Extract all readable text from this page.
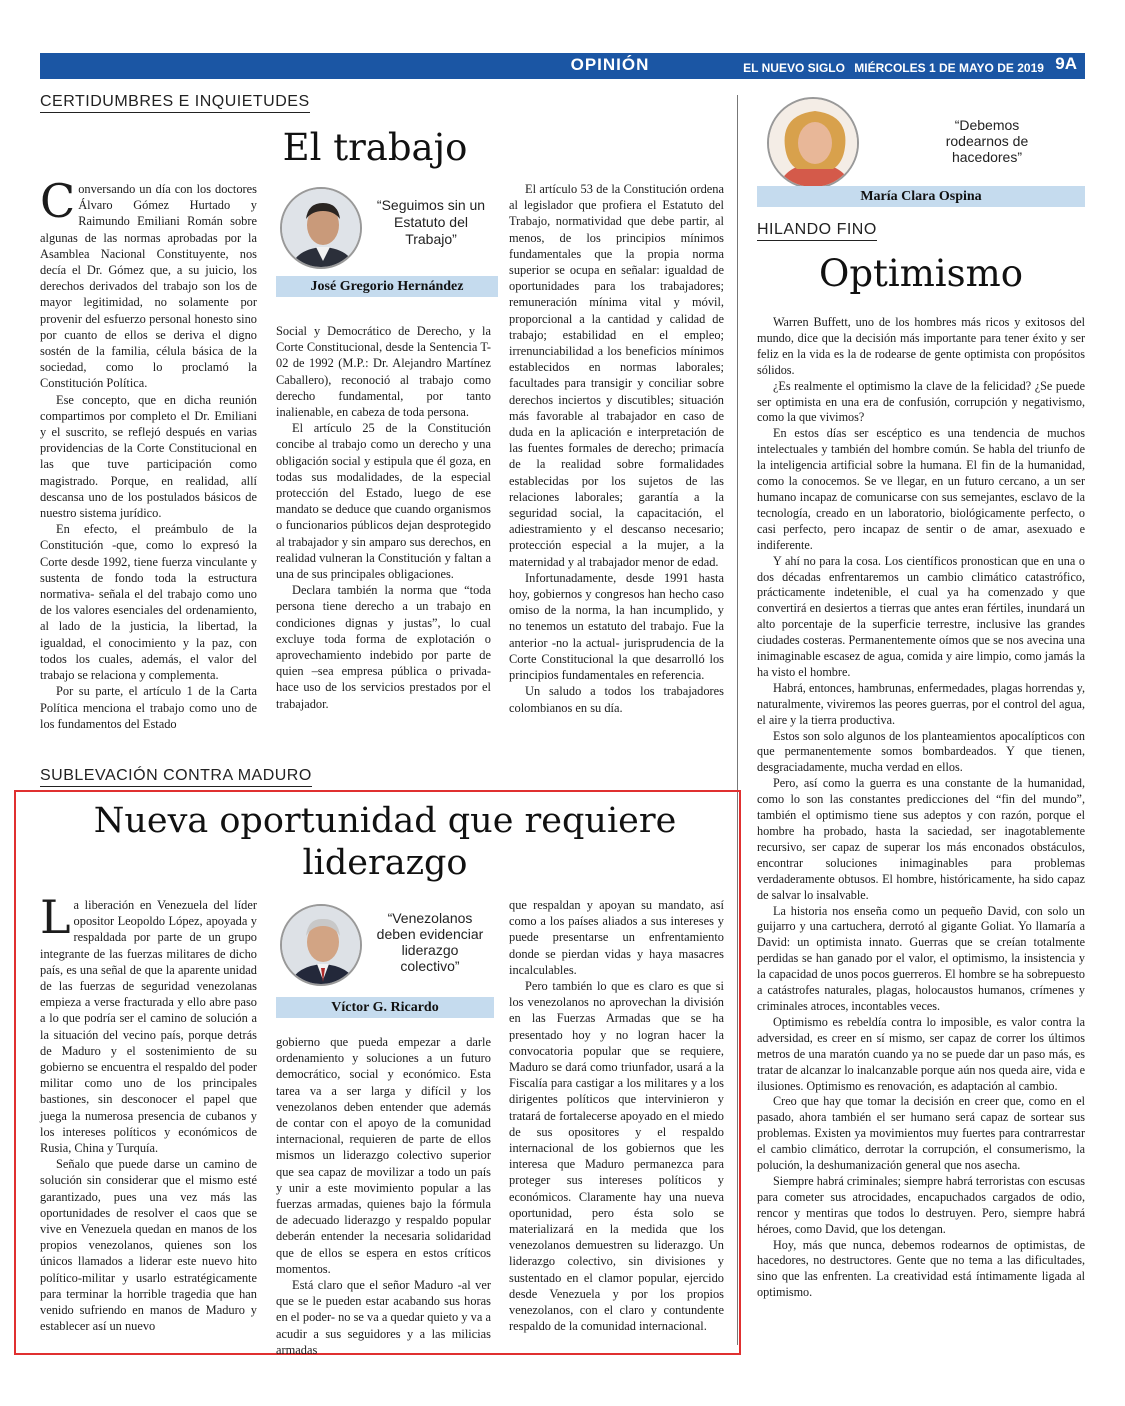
OPINIÓN	EL NUEVO SIGLO MIÉRCOLES 1 DE MAYO DE 2019 9A
CERTIDUMBRES E INQUIETUDES
El trabajo

Conversando un día con los doctores Álvaro Gómez Hurtado y Raimundo Emiliani Román sobre algunas de las normas aprobadas por la Asamblea Nacional Constituyente, nos decía el Dr. Gómez que, a su juicio, los derechos derivados del trabajo son los de mayor legitimidad, no solamente por provenir del esfuerzo personal honesto sino por cuanto de ellos se deriva el digno sostén de la familia, célula básica de la sociedad, como lo proclamó la Constitución Política.

Ese concepto, que en dicha reunión compartimos por completo el Dr. Emiliani y el suscrito, se reflejó después en varias providencias de la Corte Constitucional en las que tuve participación como magistrado. Porque, en realidad, allí descansa uno de los postulados básicos de nuestro sistema jurídico.

En efecto, el preámbulo de la Constitución -que, como lo expresó la Corte desde 1992, tiene fuerza vinculante y sustenta de fondo toda la estructura normativa- señala el del trabajo como uno de los valores esenciales del ordenamiento, al lado de la justicia, la libertad, la igualdad, el conocimiento y la paz, con todos los cuales, además, el valor del trabajo se relaciona y complementa.

Por su parte, el artículo 1 de la Carta Política menciona el trabajo como uno de los fundamentos del Estado

“Seguimos sin un Estatuto del Trabajo”
José Gregorio Hernández

Social y Democrático de Derecho, y la Corte Constitucional, desde la Sentencia T-02 de 1992 (M.P.: Dr. Alejandro Martínez Caballero), reconoció al trabajo como derecho fundamental, por tanto inalienable, en cabeza de toda persona.

El artículo 25 de la Constitución concibe al trabajo como un derecho y una obligación social y estipula que él goza, en todas sus modalidades, de la especial protección del Estado, luego de ese mandato se deduce que cuando organismos o funcionarios públicos dejan desprotegido al trabajador y sin amparo sus derechos, en realidad vulneran la Constitución y faltan a una de sus principales obligaciones.

Declara también la norma que “toda persona tiene derecho a un trabajo en condiciones dignas y justas”, lo cual excluye toda forma de explotación o aprovechamiento indebido por parte de quien –sea empresa pública o privada- hace uso de los servicios prestados por el trabajador.

El artículo 53 de la Constitución ordena al legislador que profiera el Estatuto del Trabajo, normatividad que debe partir, al menos, de los principios mínimos fundamentales que la propia norma superior se ocupa en señalar: igualdad de oportunidades para los trabajadores; remuneración mínima vital y móvil, proporcional a la cantidad y calidad de trabajo; estabilidad en el empleo; irrenunciabilidad a los beneficios mínimos establecidos en normas laborales; facultades para transigir y conciliar sobre derechos inciertos y discutibles; situación más favorable al trabajador en caso de duda en la aplicación e interpretación de las fuentes formales de derecho; primacía de la realidad sobre formalidades establecidas por los sujetos de las relaciones laborales; garantía a la seguridad social, la capacitación, el adiestramiento y el descanso necesario; protección especial a la mujer, a la maternidad y al trabajador menor de edad.

Infortunadamente, desde 1991 hasta hoy, gobiernos y congresos han hecho caso omiso de la norma, la han incumplido, y no tenemos un estatuto del trabajo. Fue la anterior -no la actual- jurisprudencia de la Corte Constitucional la que desarrolló los principios fundamentales en referencia.

Un saludo a todos los trabajadores colombianos en su día.

SUBLEVACIÓN CONTRA MADURO
Nueva oportunidad que requiere
liderazgo

La liberación en Venezuela del líder opositor Leopoldo López, apoyada y respaldada por parte de un grupo integrante de las fuerzas militares de dicho país, es una señal de que la aparente unidad de las fuerzas de seguridad venezolanas empieza a verse fracturada y ello abre paso a lo que podría ser el camino de solución a la situación del vecino país, porque detrás de Maduro y el sostenimiento de su gobierno se encuentra el respaldo del poder militar como uno de los principales bastiones, sin desconocer el papel que juega la numerosa presencia de cubanos y los intereses políticos y económicos de Rusia, China y Turquía.

Señalo que puede darse un camino de solución sin considerar que el mismo esté garantizado, pues una vez más las oportunidades de resolver el caos que se vive en Venezuela quedan en manos de los propios venezolanos, quienes son los únicos llamados a liderar este nuevo hito político-militar y usarlo estratégicamente para terminar la horrible tragedia que han venido sufriendo en manos de Maduro y establecer así un nuevo

“Venezolanos deben evidenciar liderazgo colectivo”
Víctor G. Ricardo

gobierno que pueda empezar a darle ordenamiento y soluciones a un futuro democrático, social y económico. Esta tarea va a ser larga y difícil y los venezolanos deben entender que además de contar con el apoyo de la comunidad internacional, requieren de parte de ellos mismos un liderazgo colectivo superior que sea capaz de movilizar a todo un país y unir a este movimiento popular a las fuerzas armadas, quienes bajo la fórmula de adecuado liderazgo y respaldo popular deberán entender la necesaria solidaridad que de ellos se espera en estos críticos momentos.

Está claro que el señor Maduro -al ver que se le pueden estar acabando sus horas en el poder- no se va a quedar quieto y va a acudir a sus seguidores y a las milicias armadas

que respaldan y apoyan su mandato, así como a los países aliados a sus intereses y puede presentarse un enfrentamiento donde se pierdan vidas y haya masacres incalculables.

Pero también lo que es claro es que si los venezolanos no aprovechan la división en las Fuerzas Armadas que se ha presentado hoy y no logran hacer la convocatoria popular que se requiere, Maduro se dará como triunfador, usará a la Fiscalía para castigar a los militares y a los dirigentes políticos que intervinieron y tratará de fortalecerse apoyado en el miedo de sus opositores y el respaldo internacional de los gobiernos que les interesa que Maduro permanezca para proteger sus intereses políticos y económicos. Claramente hay una nueva oportunidad, pero ésta solo se materializará en la medida que los venezolanos demuestren su liderazgo. Un liderazgo colectivo, sin divisiones y sustentado en el clamor popular, ejercido desde Venezuela y por los propios venezolanos, con el claro y contundente respaldo de la comunidad internacional.

“Debemos rodearnos de hacedores”
María Clara Ospina
HILANDO FINO
Optimismo

Warren Buffett, uno de los hombres más ricos y exitosos del mundo, dice que la decisión más importante para tener éxito y ser feliz en la vida es la de rodearse de gente optimista con propósitos sólidos.

¿Es realmente el optimismo la clave de la felicidad? ¿Se puede ser optimista en una era de confusión, corrupción y negativismo, como la que vivimos?

En estos días ser escéptico es una tendencia de muchos intelectuales y también del hombre común. Se habla del triunfo de la inteligencia artificial sobre la humana. El fin de la humanidad, como la conocemos. Se ve llegar, en un futuro cercano, a un ser humano incapaz de comunicarse con sus semejantes, esclavo de la tecnología, creado en un laboratorio, biológicamente perfecto, o casi perfecto, pero incapaz de sentir o de amar, asexuado e indiferente.

Y ahí no para la cosa. Los científicos pronostican que en una o dos décadas enfrentaremos un cambio climático catastrófico, prácticamente indetenible, el cual ya ha comenzado y que convertirá en desiertos a tierras que antes eran fértiles, inundará un alto porcentaje de la superficie terrestre, inclusive las grandes ciudades costeras. Permanentemente oímos que se nos avecina una inimaginable escasez de agua, comida y aire limpio, como jamás la ha visto el hombre.

Habrá, entonces, hambrunas, enfermedades, plagas horrendas y, naturalmente, viviremos las peores guerras, por el control del agua, el aire y la tierra productiva.

Estos son solo algunos de los planteamientos apocalípticos con que permanentemente somos bombardeados. Y que tienen, desgraciadamente, mucha verdad en ellos.

Pero, así como la guerra es una constante de la humanidad, como lo son las constantes predicciones del “fin del mundo”, también el optimismo tiene sus adeptos y con razón, porque el hombre ha probado, hasta la saciedad, ser inagotablemente recursivo, ser capaz de superar los más enconados obstáculos, encontrar soluciones inimaginables para problemas verdaderamente obtusos. El hombre, históricamente, ha sido capaz de salvar lo insalvable.

La historia nos enseña como un pequeño David, con solo un guijarro y una cartuchera, derrotó al gigante Goliat. Yo llamaría a David: un optimista innato. Guerras que se creían totalmente perdidas se han ganado por el valor, el optimismo, la insistencia y la capacidad de unos pocos guerreros. El hombre se ha sobrepuesto a catástrofes naturales, plagas, holocaustos humanos, crímenes y criminales atroces, incontables veces.

Optimismo es rebeldía contra lo imposible, es valor contra la adversidad, es creer en sí mismo, ser capaz de correr los últimos metros de una maratón cuando ya no se puede dar un paso más, es tratar de alcanzar lo inalcanzable porque aún nos queda aire, vida e ilusiones. Optimismo es renovación, es adaptación al cambio.

Creo que hay que tomar la decisión en creer que, como en el pasado, ahora también el ser humano será capaz de sortear sus problemas. Existen ya movimientos muy fuertes para contrarrestar el cambio climático, derrotar la corrupción, el consumerismo, la polución, la deshumanización general que nos asecha.

Siempre habrá criminales; siempre habrá terroristas con escusas para cometer sus atrocidades, encapuchados cargados de odio, rencor y mentiras que todos lo destruyen. Pero, siempre habrá héroes, como David, que los detengan.

Hoy, más que nunca, debemos rodearnos de optimistas, de hacedores, no destructores. Gente que no tema a las dificultades, sino que las enfrenten. La creatividad está íntimamente ligada al optimismo.
